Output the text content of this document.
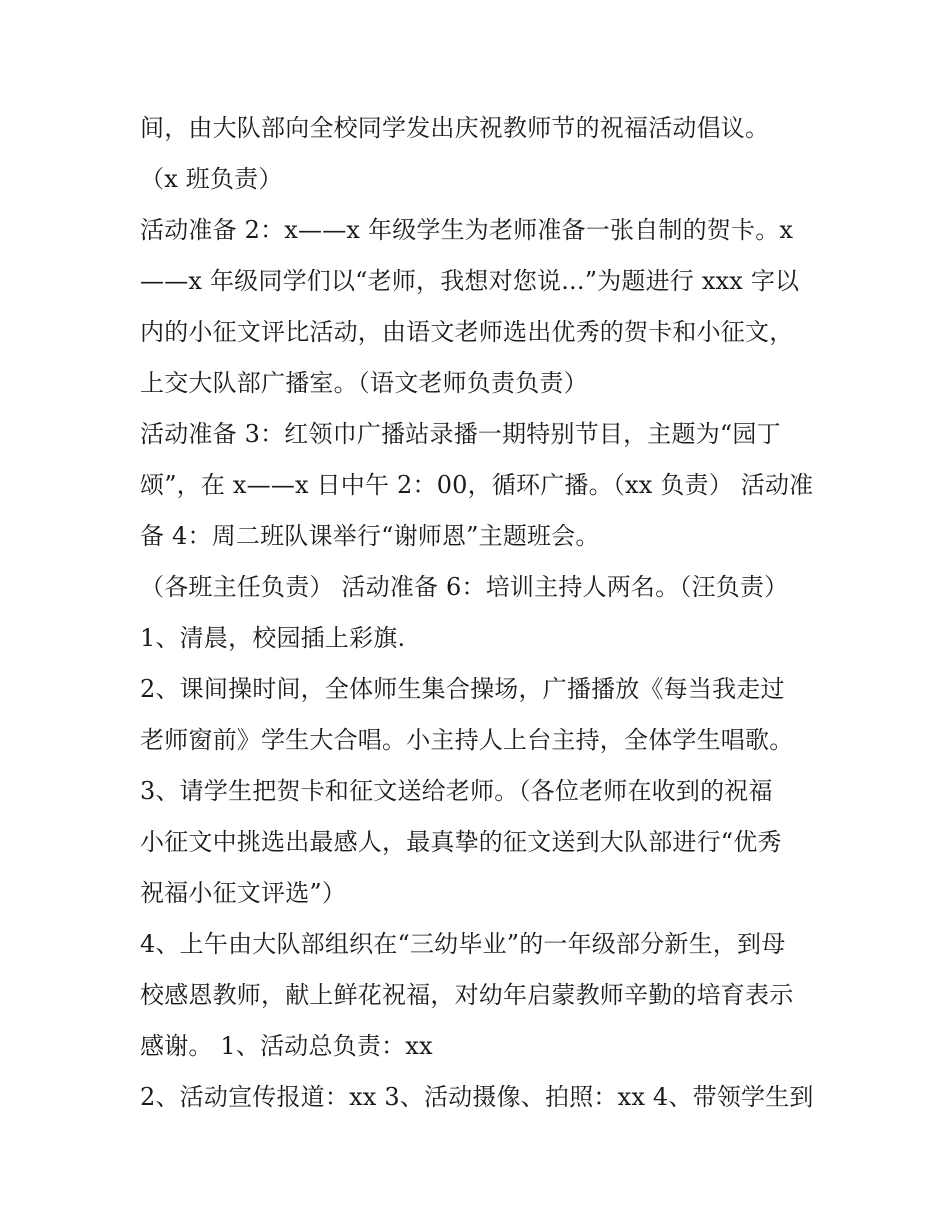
间，由大队部向全校同学发出庆祝教师节的祝福活动倡议。
（x 班负责）
活动准备 2：x——x 年级学生为老师准备一张自制的贺卡。x
——x 年级同学们以“老师，我想对您说...”为题进行 xxx 字以
内的小征文评比活动，由语文老师选出优秀的贺卡和小征文，
上交大队部广播室。（语文老师负责负责）
活动准备 3：红领巾广播站录播一期特别节目，主题为“园丁
颂”，在 x——x 日中午 2：00，循环广播。（xx 负责） 活动准
备 4：周二班队课举行“谢师恩”主题班会。
（各班主任负责） 活动准备 6：培训主持人两名。（汪负责）
1、清晨，校园插上彩旗.
2、课间操时间，全体师生集合操场，广播播放《每当我走过
老师窗前》学生大合唱。小主持人上台主持，全体学生唱歌。
3、请学生把贺卡和征文送给老师。（各位老师在收到的祝福
小征文中挑选出最感人，最真挚的征文送到大队部进行“优秀
祝福小征文评选”）
4、上午由大队部组织在“三幼毕业”的一年级部分新生，到母
校感恩教师，献上鲜花祝福，对幼年启蒙教师辛勤的培育表示
感谢。 1、活动总负责：xx
2、活动宣传报道：xx 3、活动摄像、拍照：xx 4、带领学生到
